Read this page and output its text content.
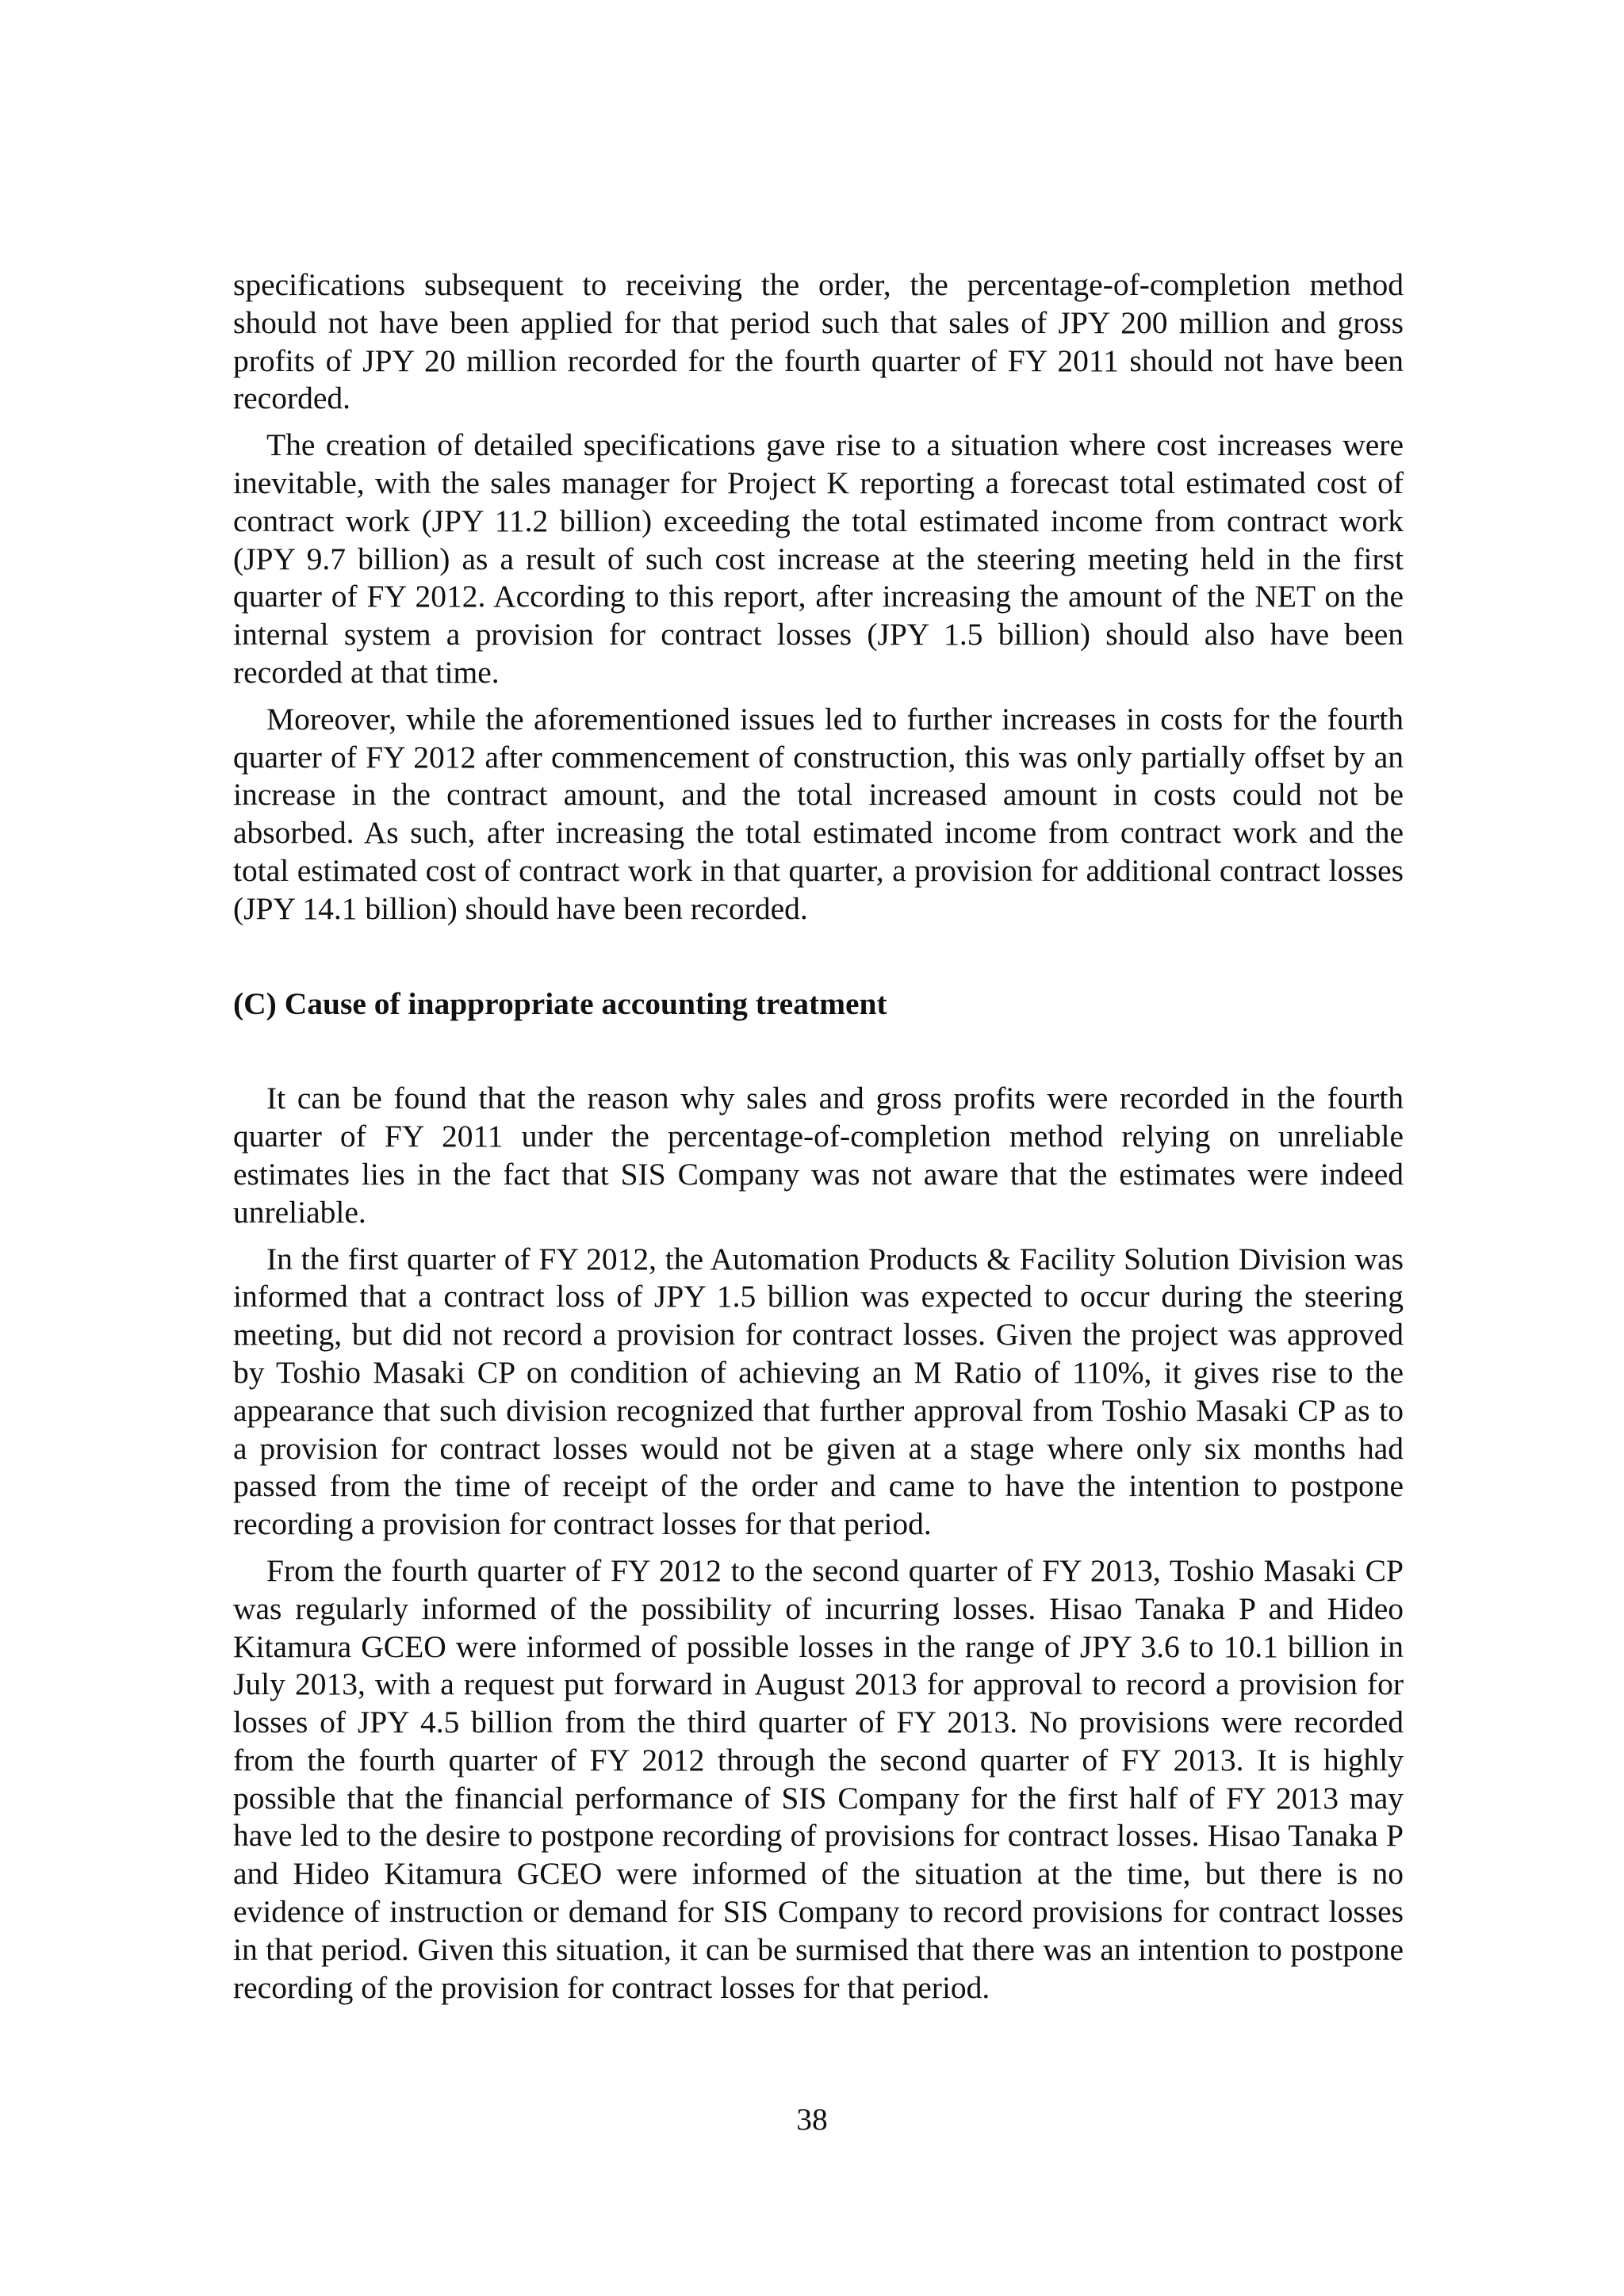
specifications subsequent to receiving the order, the percentage-of-completion method should not have been applied for that period such that sales of JPY 200 million and gross profits of JPY 20 million recorded for the fourth quarter of FY 2011 should not have been recorded.

The creation of detailed specifications gave rise to a situation where cost increases were inevitable, with the sales manager for Project K reporting a forecast total estimated cost of contract work (JPY 11.2 billion) exceeding the total estimated income from contract work (JPY 9.7 billion) as a result of such cost increase at the steering meeting held in the first quarter of FY 2012. According to this report, after increasing the amount of the NET on the internal system a provision for contract losses (JPY 1.5 billion) should also have been recorded at that time.

Moreover, while the aforementioned issues led to further increases in costs for the fourth quarter of FY 2012 after commencement of construction, this was only partially offset by an increase in the contract amount, and the total increased amount in costs could not be absorbed. As such, after increasing the total estimated income from contract work and the total estimated cost of contract work in that quarter, a provision for additional contract losses (JPY 14.1 billion) should have been recorded.

(C) Cause of inappropriate accounting treatment

It can be found that the reason why sales and gross profits were recorded in the fourth quarter of FY 2011 under the percentage-of-completion method relying on unreliable estimates lies in the fact that SIS Company was not aware that the estimates were indeed unreliable.

In the first quarter of FY 2012, the Automation Products & Facility Solution Division was informed that a contract loss of JPY 1.5 billion was expected to occur during the steering meeting, but did not record a provision for contract losses. Given the project was approved by Toshio Masaki CP on condition of achieving an M Ratio of 110%, it gives rise to the appearance that such division recognized that further approval from Toshio Masaki CP as to a provision for contract losses would not be given at a stage where only six months had passed from the time of receipt of the order and came to have the intention to postpone recording a provision for contract losses for that period.

From the fourth quarter of FY 2012 to the second quarter of FY 2013, Toshio Masaki CP was regularly informed of the possibility of incurring losses. Hisao Tanaka P and Hideo Kitamura GCEO were informed of possible losses in the range of JPY 3.6 to 10.1 billion in July 2013, with a request put forward in August 2013 for approval to record a provision for losses of JPY 4.5 billion from the third quarter of FY 2013. No provisions were recorded from the fourth quarter of FY 2012 through the second quarter of FY 2013. It is highly possible that the financial performance of SIS Company for the first half of FY 2013 may have led to the desire to postpone recording of provisions for contract losses. Hisao Tanaka P and Hideo Kitamura GCEO were informed of the situation at the time, but there is no evidence of instruction or demand for SIS Company to record provisions for contract losses in that period. Given this situation, it can be surmised that there was an intention to postpone recording of the provision for contract losses for that period.

38
